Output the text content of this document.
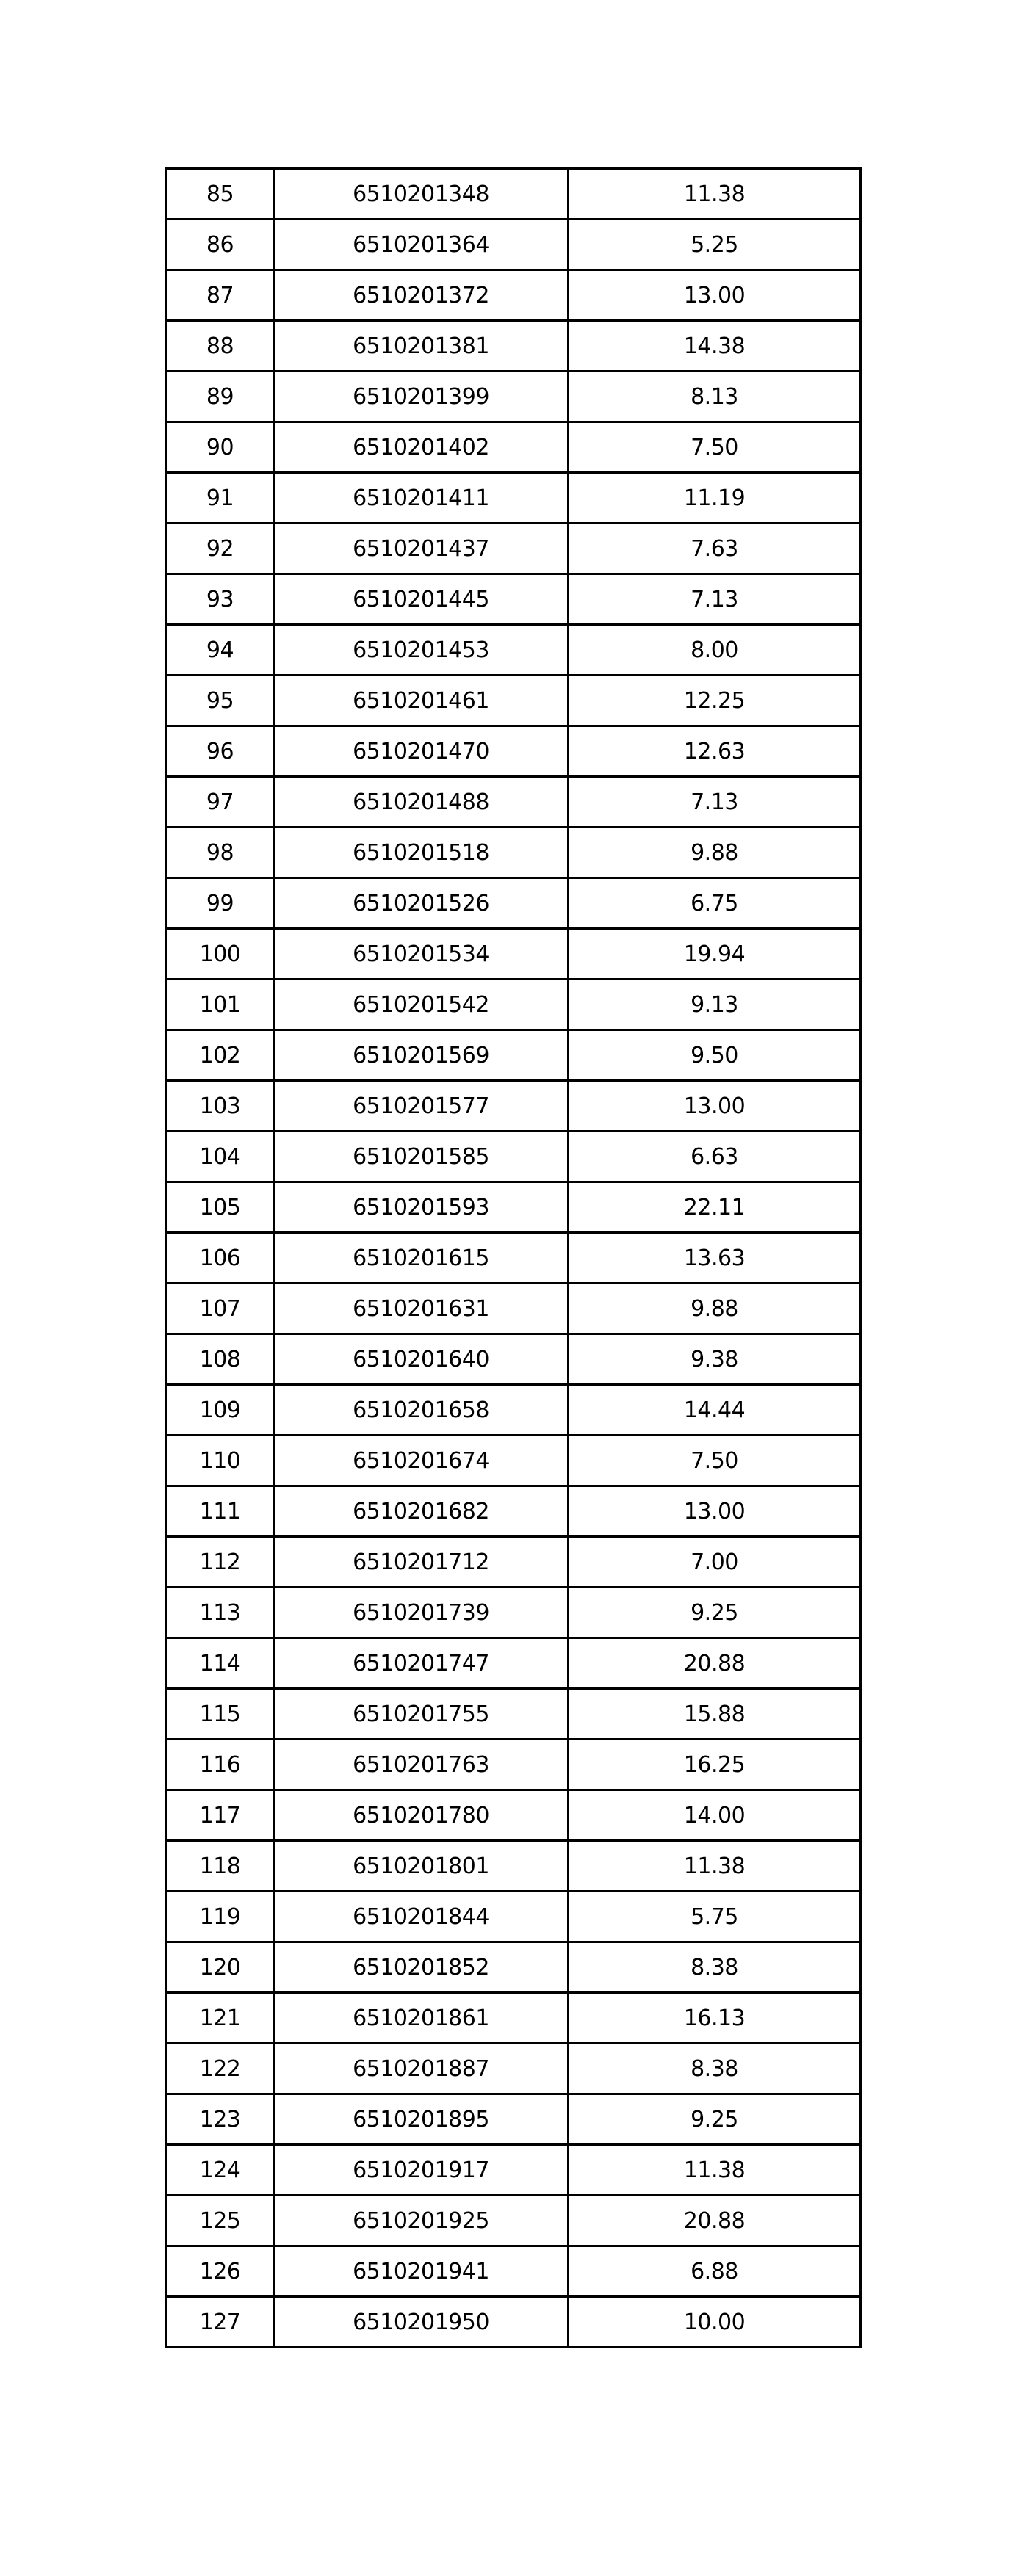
85	6510201348	11.38
86	6510201364	5.25
87	6510201372	13.00
88	6510201381	14.38
89	6510201399	8.13
90	6510201402	7.50
91	6510201411	11.19
92	6510201437	7.63
93	6510201445	7.13
94	6510201453	8.00
95	6510201461	12.25
96	6510201470	12.63
97	6510201488	7.13
98	6510201518	9.88
99	6510201526	6.75
100	6510201534	19.94
101	6510201542	9.13
102	6510201569	9.50
103	6510201577	13.00
104	6510201585	6.63
105	6510201593	22.11
106	6510201615	13.63
107	6510201631	9.88
108	6510201640	9.38
109	6510201658	14.44
110	6510201674	7.50
111	6510201682	13.00
112	6510201712	7.00
113	6510201739	9.25
114	6510201747	20.88
115	6510201755	15.88
116	6510201763	16.25
117	6510201780	14.00
118	6510201801	11.38
119	6510201844	5.75
120	6510201852	8.38
121	6510201861	16.13
122	6510201887	8.38
123	6510201895	9.25
124	6510201917	11.38
125	6510201925	20.88
126	6510201941	6.88
127	6510201950	10.00
